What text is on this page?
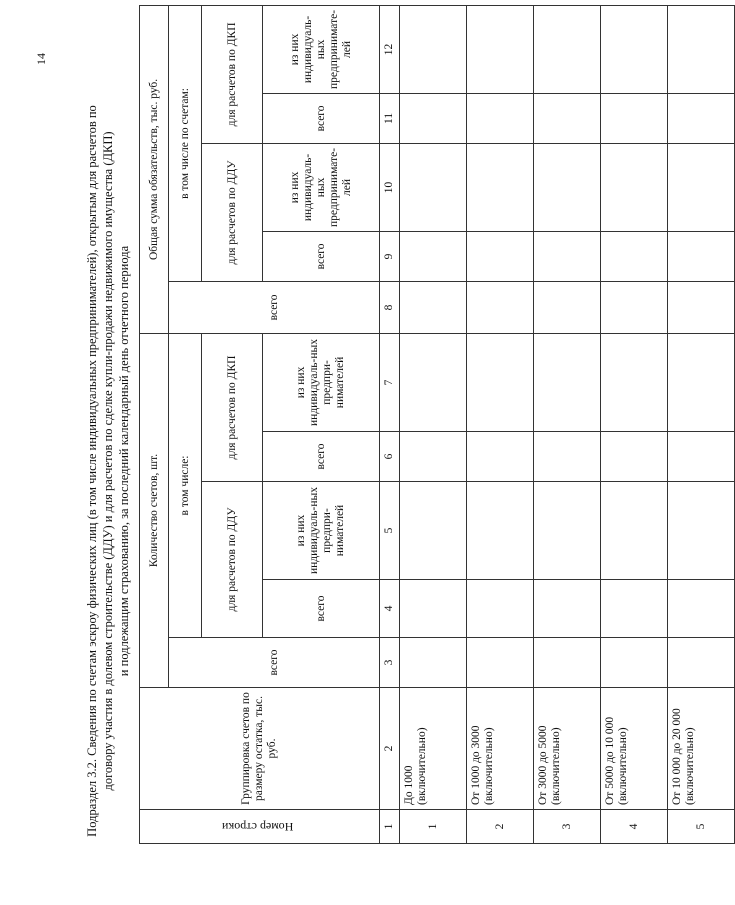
14
Подраздел 3.2. Сведения по счетам эскроу физических лиц (в том числе индивидуальных предпринимателей), открытым для расчетов по договору участия в долевом строительстве (ДДУ) и для расчетов по сделке купли-продажи недвижимого имущества (ДКП) и подлежащим страхованию, за последний календарный день отчетного периода
Номер строки	Группировка счетов по размеру остатка, тыс. руб.	Количество счетов, шт.					Общая сумма обязательств, тыс. руб.				
		всего	в том числе:				всего	в том числе по счетам:			
			для расчетов по ДДУ		для расчетов по ДКП			для расчетов по ДДУ		для расчетов по ДКП	
			всего	из них индивидуаль-ных предпри-нимателей	всего	из них индивидуаль-ных предпри-нимателей		всего	из них индивидуаль-ных предприниматe-лей	всего	из них индивидуаль-ных предприниматe-лей
1	2	3	4	5	6	7	8	9	10	11	12
1	До 1000 (включительно)										
2	От 1000 до 3000 (включительно)										
3	От 3000 до 5000 (включительно)										
4	От 5000 до 10 000 (включительно)										
5	От 10 000 до 20 000 (включительно)										
